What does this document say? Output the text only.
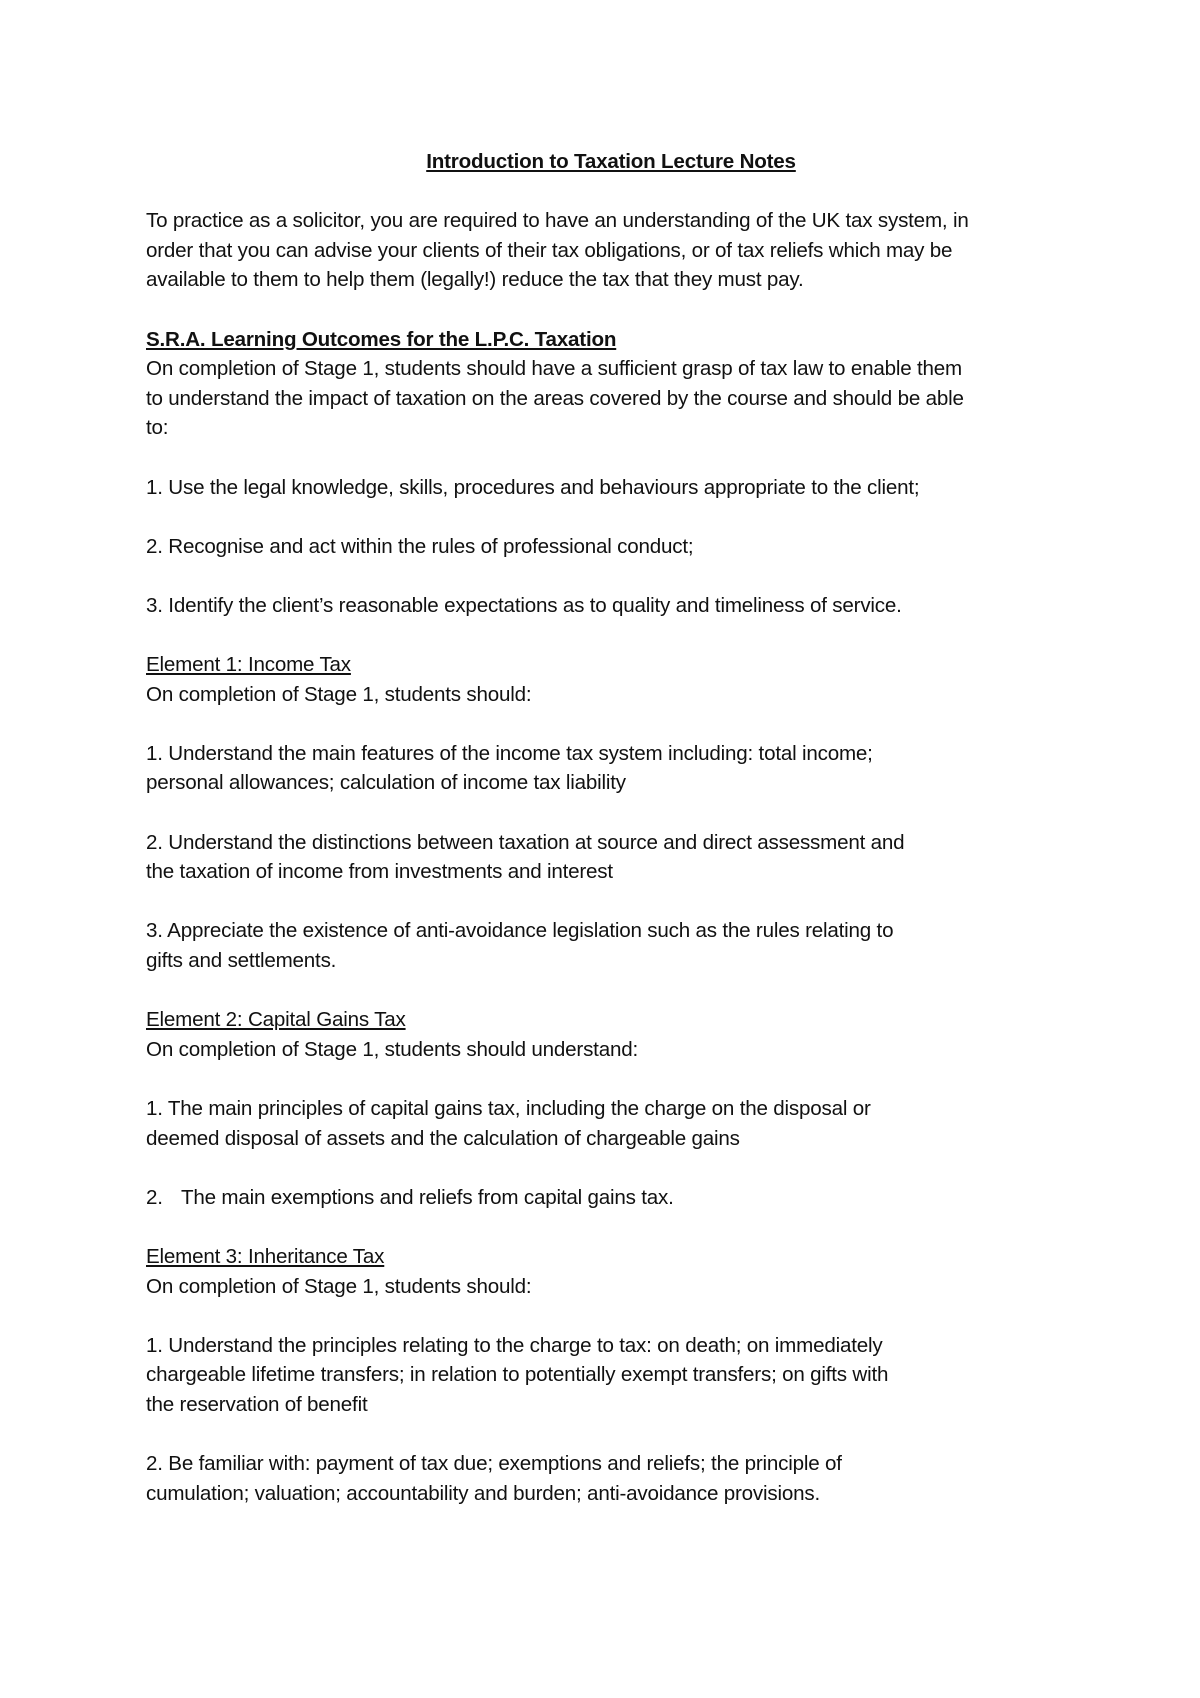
Introduction to Taxation Lecture Notes

To practice as a solicitor, you are required to have an understanding of the UK tax system, in
order that you can advise your clients of their tax obligations, or of tax reliefs which may be
available to them to help them (legally!) reduce the tax that they must pay.

S.R.A. Learning Outcomes for the L.P.C. Taxation
On completion of Stage 1, students should have a sufficient grasp of tax law to enable them
to understand the impact of taxation on the areas covered by the course and should be able
to:

1. Use the legal knowledge, skills, procedures and behaviours appropriate to the client;

2. Recognise and act within the rules of professional conduct;

3. Identify the client’s reasonable expectations as to quality and timeliness of service.

Element 1: Income Tax
On completion of Stage 1, students should:

1. Understand the main features of the income tax system including: total income;
personal allowances; calculation of income tax liability

2. Understand the distinctions between taxation at source and direct assessment and
the taxation of income from investments and interest

3. Appreciate the existence of anti-avoidance legislation such as the rules relating to
gifts and settlements.

Element 2: Capital Gains Tax
On completion of Stage 1, students should understand:

1. The main principles of capital gains tax, including the charge on the disposal or
deemed disposal of assets and the calculation of chargeable gains

2. The main exemptions and reliefs from capital gains tax.

Element 3: Inheritance Tax
On completion of Stage 1, students should:

1. Understand the principles relating to the charge to tax: on death; on immediately
chargeable lifetime transfers; in relation to potentially exempt transfers; on gifts with
the reservation of benefit

2. Be familiar with: payment of tax due; exemptions and reliefs; the principle of
cumulation; valuation; accountability and burden; anti-avoidance provisions.
